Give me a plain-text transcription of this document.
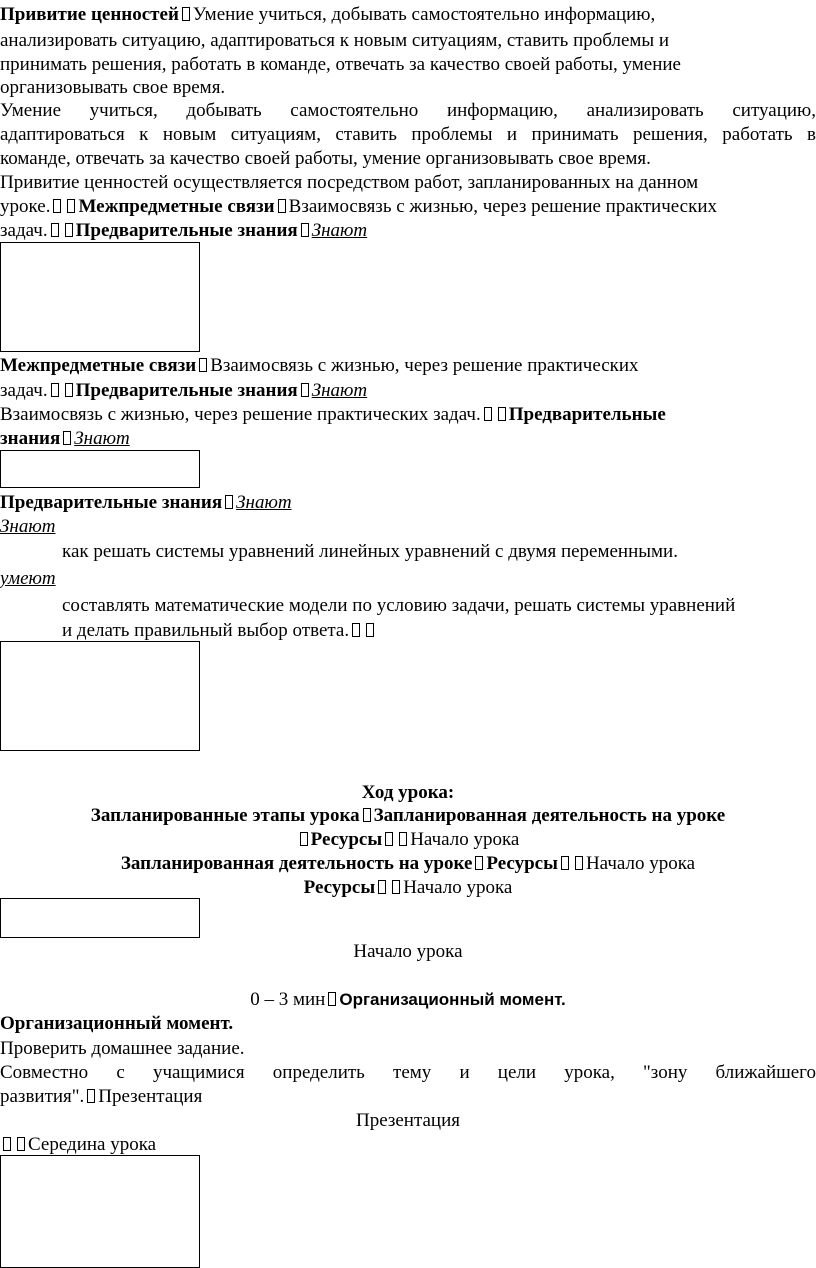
Привитие ценностей Умение учиться, добывать самостоятельно информацию,
анализировать ситуацию, адаптироваться к новым ситуациям, ставить проблемы и
принимать решения, работать в команде, отвечать за качество своей работы, умение
организовывать свое время.
Умение учиться, добывать самостоятельно информацию, анализировать ситуацию,
адаптироваться к новым ситуациям, ставить проблемы и принимать решения, работать в
команде, отвечать за качество своей работы, умение организовывать свое время.
Привитие ценностей осуществляется посредством работ, запланированных на данном
уроке. Межпредметные связи Взаимосвязь с жизнью, через решение практических
задач. Предварительные знания Знают
Межпредметные связи Взаимосвязь с жизнью, через решение практических
задач. Предварительные знания Знают
Взаимосвязь с жизнью, через решение практических задач. Предварительные
знания Знают
Предварительные знания Знают
Знают
как решать системы уравнений линейных уравнений с двумя переменными.
умеют
составлять математические модели по условию задачи, решать системы уравнений
и делать правильный выбор ответа.
Ход урока:
Запланированные этапы урока Запланированная деятельность на уроке
Ресурсы Начало урока
Запланированная деятельность на уроке Ресурсы Начало урока
Ресурсы Начало урока
Начало урока
0 – 3 мин Организационный момент.
Организационный момент.
Проверить домашнее задание.
Совместно с учащимися определить тему и цели урока, "зону ближайшего
развития". Презентация
Презентация
Середина урока
